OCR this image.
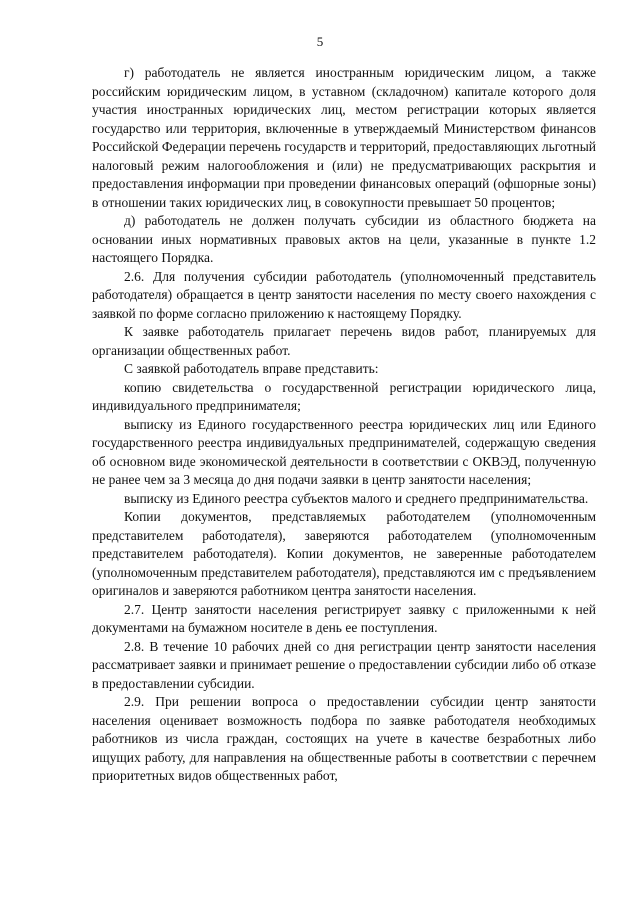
5

г) работодатель не является иностранным юридическим лицом, а также российским юридическим лицом, в уставном (складочном) капитале которого доля участия иностранных юридических лиц, местом регистрации которых является государство или территория, включенные в утверждаемый Министерством финансов Российской Федерации перечень государств и территорий, предоставляющих льготный налоговый режим налогообложения и (или) не предусматривающих раскрытия и предоставления информации при проведении финансовых операций (офшорные зоны) в отношении таких юридических лиц, в совокупности превышает 50 процентов;

д) работодатель не должен получать субсидии из областного бюджета на основании иных нормативных правовых актов на цели, указанные в пункте 1.2 настоящего Порядка.

2.6. Для получения субсидии работодатель (уполномоченный представитель работодателя) обращается в центр занятости населения по месту своего нахождения с заявкой по форме согласно приложению к настоящему Порядку.

К заявке работодатель прилагает перечень видов работ, планируемых для организации общественных работ.

С заявкой работодатель вправе представить:

копию свидетельства о государственной регистрации юридического лица, индивидуального предпринимателя;

выписку из Единого государственного реестра юридических лиц или Единого государственного реестра индивидуальных предпринимателей, содержащую сведения об основном виде экономической деятельности в соответствии с ОКВЭД, полученную не ранее чем за 3 месяца до дня подачи заявки в центр занятости населения;

выписку из Единого реестра субъектов малого и среднего предпринимательства.

Копии документов, представляемых работодателем (уполномоченным представителем работодателя), заверяются работодателем (уполномоченным представителем работодателя). Копии документов, не заверенные работодателем (уполномоченным представителем работодателя), представляются им с предъявлением оригиналов и заверяются работником центра занятости населения.

2.7. Центр занятости населения регистрирует заявку с приложенными к ней документами на бумажном носителе в день ее поступления.

2.8. В течение 10 рабочих дней со дня регистрации центр занятости населения рассматривает заявки и принимает решение о предоставлении субсидии либо об отказе в предоставлении субсидии.

2.9. При решении вопроса о предоставлении субсидии центр занятости населения оценивает возможность подбора по заявке работодателя необходимых работников из числа граждан, состоящих на учете в качестве безработных либо ищущих работу, для направления на общественные работы в соответствии с перечнем приоритетных видов общественных работ,
